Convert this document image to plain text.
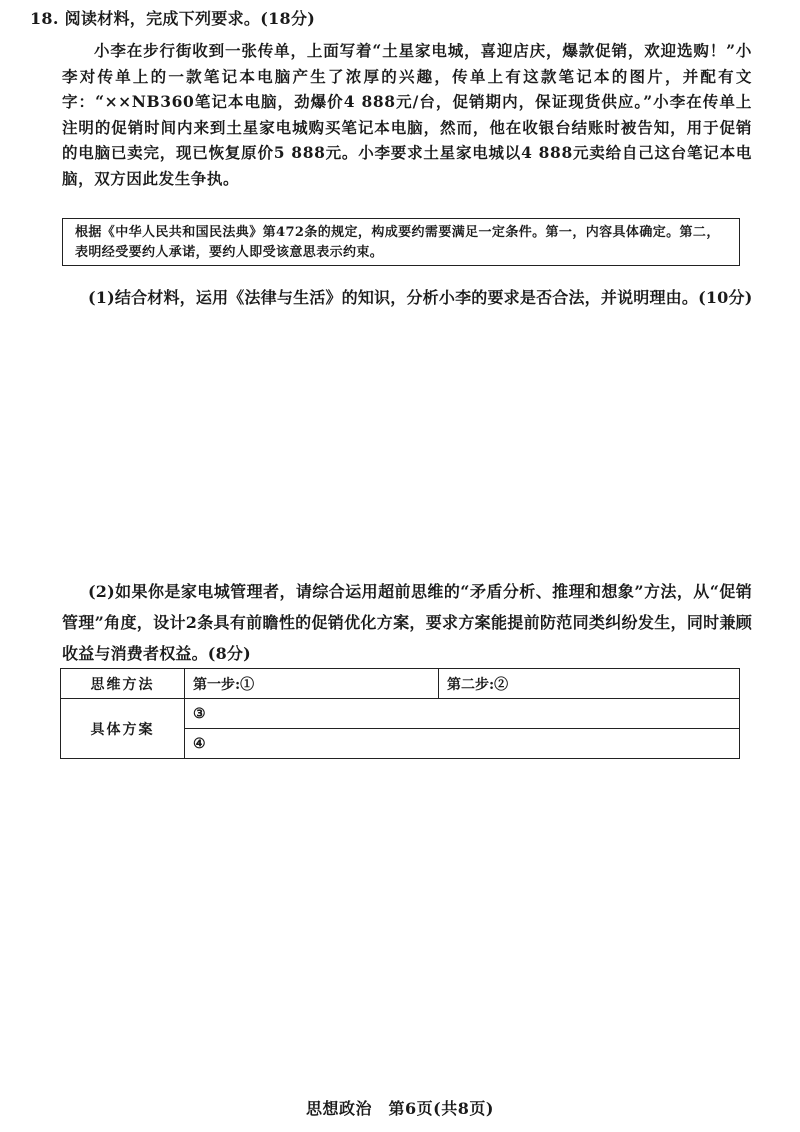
18. 阅读材料，完成下列要求。(18分)
小李在步行街收到一张传单，上面写着“土星家电城，喜迎店庆，爆款促销，欢迎选购！”小李对传单上的一款笔记本电脑产生了浓厚的兴趣，传单上有这款笔记本的图片，并配有文字：“××NB360笔记本电脑，劲爆价4 888元/台，促销期内，保证现货供应。”小李在传单上注明的促销时间内来到土星家电城购买笔记本电脑，然而，他在收银台结账时被告知，用于促销的电脑已卖完，现已恢复原价5 888元。小李要求土星家电城以4 888元卖给自己这台笔记本电脑，双方因此发生争执。
根据《中华人民共和国民法典》第472条的规定，构成要约需要满足一定条件。第一，内容具体确定。第二，表明经受要约人承诺，要约人即受该意思表示约束。
(1)结合材料，运用《法律与生活》的知识，分析小李的要求是否合法，并说明理由。(10分)
(2)如果你是家电城管理者，请综合运用超前思维的“矛盾分析、推理和想象”方法，从“促销管理”角度，设计2条具有前瞻性的促销优化方案，要求方案能提前防范同类纠纷发生，同时兼顾收益与消费者权益。(8分)
思维方法	第一步:①	第二步:②
具体方案	③	
	④	
思想政治　第6页(共8页)
